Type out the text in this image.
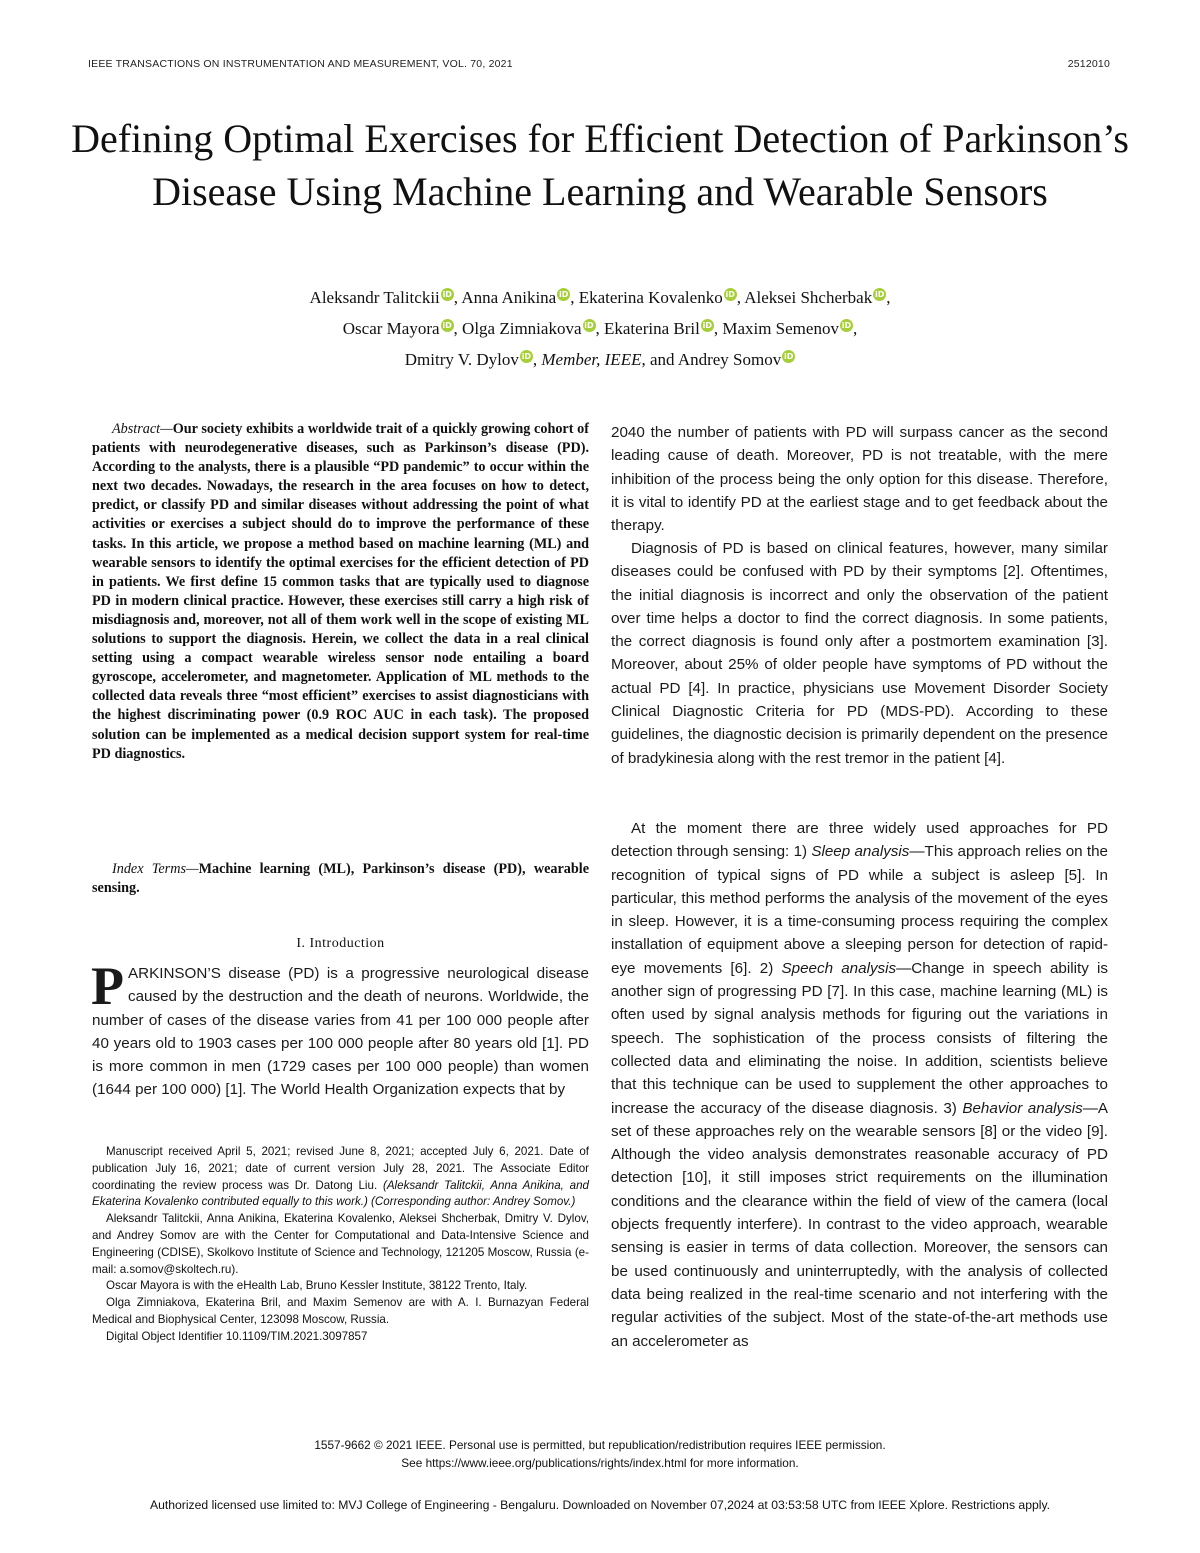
IEEE TRANSACTIONS ON INSTRUMENTATION AND MEASUREMENT, VOL. 70, 2021	2512010
Defining Optimal Exercises for Efficient Detection of Parkinson’s Disease Using Machine Learning and Wearable Sensors
Aleksandr Talitckii iD , Anna Anikina iD , Ekaterina Kovalenko iD , Aleksei Shcherbak iD ,
Oscar Mayora iD , Olga Zimniakova iD , Ekaterina Bril iD , Maxim Semenov iD ,
Dmitry V. Dylov iD , Member, IEEE, and Andrey Somov iD

Abstract—Our society exhibits a worldwide trait of a quickly growing cohort of patients with neurodegenerative diseases, such as Parkinson’s disease (PD). According to the analysts, there is a plausible “PD pandemic” to occur within the next two decades. Nowadays, the research in the area focuses on how to detect, predict, or classify PD and similar diseases without addressing the point of what activities or exercises a subject should do to improve the performance of these tasks. In this article, we propose a method based on machine learning (ML) and wearable sensors to identify the optimal exercises for the efficient detection of PD in patients. We first define 15 common tasks that are typically used to diagnose PD in modern clinical practice. However, these exercises still carry a high risk of misdiagnosis and, moreover, not all of them work well in the scope of existing ML solutions to support the diagnosis. Herein, we collect the data in a real clinical setting using a compact wearable wireless sensor node entailing a board gyroscope, accelerometer, and magnetometer. Application of ML methods to the collected data reveals three “most efficient” exercises to assist diagnosticians with the highest discriminating power (0.9 ROC AUC in each task). The proposed solution can be implemented as a medical decision support system for real-time PD diagnostics.

Index Terms—Machine learning (ML), Parkinson’s disease (PD), wearable sensing.

I. Introduction

PARKINSON’S disease (PD) is a progressive neurological disease caused by the destruction and the death of neurons. Worldwide, the number of cases of the disease varies from 41 per 100 000 people after 40 years old to 1903 cases per 100 000 people after 80 years old [1]. PD is more common in men (1729 cases per 100 000 people) than women (1644 per 100 000) [1]. The World Health Organization expects that by

Manuscript received April 5, 2021; revised June 8, 2021; accepted July 6, 2021. Date of publication July 16, 2021; date of current version July 28, 2021. The Associate Editor coordinating the review process was Dr. Datong Liu. (Aleksandr Talitckii, Anna Anikina, and Ekaterina Kovalenko contributed equally to this work.) (Corresponding author: Andrey Somov.)

Aleksandr Talitckii, Anna Anikina, Ekaterina Kovalenko, Aleksei Shcherbak, Dmitry V. Dylov, and Andrey Somov are with the Center for Computational and Data-Intensive Science and Engineering (CDISE), Skolkovo Institute of Science and Technology, 121205 Moscow, Russia (e-mail: a.somov@skoltech.ru).

Oscar Mayora is with the eHealth Lab, Bruno Kessler Institute, 38122 Trento, Italy.

Olga Zimniakova, Ekaterina Bril, and Maxim Semenov are with A. I. Burnazyan Federal Medical and Biophysical Center, 123098 Moscow, Russia.

Digital Object Identifier 10.1109/TIM.2021.3097857

2040 the number of patients with PD will surpass cancer as the second leading cause of death. Moreover, PD is not treatable, with the mere inhibition of the process being the only option for this disease. Therefore, it is vital to identify PD at the earliest stage and to get feedback about the therapy.

Diagnosis of PD is based on clinical features, however, many similar diseases could be confused with PD by their symptoms [2]. Oftentimes, the initial diagnosis is incorrect and only the observation of the patient over time helps a doctor to find the correct diagnosis. In some patients, the correct diagnosis is found only after a postmortem examination [3]. Moreover, about 25% of older people have symptoms of PD without the actual PD [4]. In practice, physicians use Movement Disorder Society Clinical Diagnostic Criteria for PD (MDS-PD). According to these guidelines, the diagnostic decision is primarily dependent on the presence of bradykinesia along with the rest tremor in the patient [4].

At the moment there are three widely used approaches for PD detection through sensing: 1) Sleep analysis—This approach relies on the recognition of typical signs of PD while a subject is asleep [5]. In particular, this method performs the analysis of the movement of the eyes in sleep. However, it is a time-consuming process requiring the complex installation of equipment above a sleeping person for detection of rapid-eye movements [6]. 2) Speech analysis—Change in speech ability is another sign of progressing PD [7]. In this case, machine learning (ML) is often used by signal analysis methods for figuring out the variations in speech. The sophistication of the process consists of filtering the collected data and eliminating the noise. In addition, scientists believe that this technique can be used to supplement the other approaches to increase the accuracy of the disease diagnosis. 3) Behavior analysis—A set of these approaches rely on the wearable sensors [8] or the video [9]. Although the video analysis demonstrates reasonable accuracy of PD detection [10], it still imposes strict requirements on the illumination conditions and the clearance within the field of view of the camera (local objects frequently interfere). In contrast to the video approach, wearable sensing is easier in terms of data collection. Moreover, the sensors can be used continuously and uninterruptedly, with the analysis of collected data being realized in the real-time scenario and not interfering with the regular activities of the subject. Most of the state-of-the-art methods use an accelerometer as

1557-9662 © 2021 IEEE. Personal use is permitted, but republication/redistribution requires IEEE permission.
See https://www.ieee.org/publications/rights/index.html for more information.
Authorized licensed use limited to: MVJ College of Engineering - Bengaluru. Downloaded on November 07,2024 at 03:53:58 UTC from IEEE Xplore. Restrictions apply.
